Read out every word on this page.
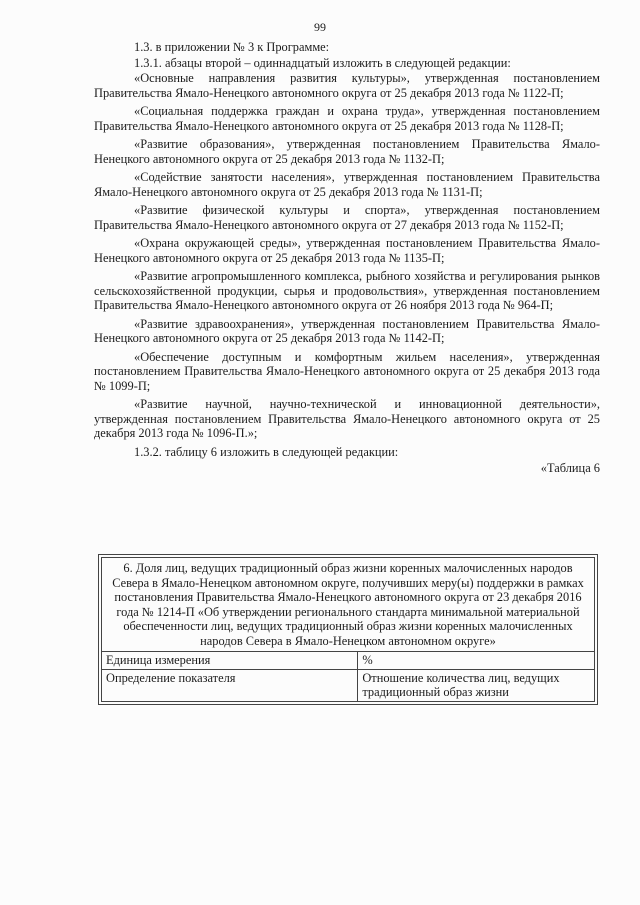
99

1.3. в приложении № 3 к Программе:

1.3.1. абзацы второй – одиннадцатый изложить в следующей редакции:

«Основные направления развития культуры», утвержденная постановлением Правительства Ямало-Ненецкого автономного округа от 25 декабря 2013 года № 1122-П;

«Социальная поддержка граждан и охрана труда», утвержденная постановлением Правительства Ямало-Ненецкого автономного округа от 25 декабря 2013 года № 1128-П;

«Развитие образования», утвержденная постановлением Правительства Ямало-Ненецкого автономного округа от 25 декабря 2013 года № 1132-П;

«Содействие занятости населения», утвержденная постановлением Правительства Ямало-Ненецкого автономного округа от 25 декабря 2013 года № 1131-П;

«Развитие физической культуры и спорта», утвержденная постановлением Правительства Ямало-Ненецкого автономного округа от 27 декабря 2013 года № 1152-П;

«Охрана окружающей среды», утвержденная постановлением Правительства Ямало-Ненецкого автономного округа от 25 декабря 2013 года № 1135-П;

«Развитие агропромышленного комплекса, рыбного хозяйства и регулирования рынков сельскохозяйственной продукции, сырья и продовольствия», утвержденная постановлением Правительства Ямало-Ненецкого автономного округа от 26 ноября 2013 года № 964-П;

«Развитие здравоохранения», утвержденная постановлением Правительства Ямало-Ненецкого автономного округа от 25 декабря 2013 года № 1142-П;

«Обеспечение доступным и комфортным жильем населения», утвержденная постановлением Правительства Ямало-Ненецкого автономного округа от 25 декабря 2013 года № 1099-П;

«Развитие научной, научно-технической и инновационной деятельности», утвержденная постановлением Правительства Ямало-Ненецкого автономного округа от 25 декабря 2013 года № 1096-П.»;

1.3.2. таблицу 6 изложить в следующей редакции:

«Таблица 6
6. Доля лиц, ведущих традиционный образ жизни коренных малочисленных народов Севера в Ямало-Ненецком автономном округе, получивших меру(ы) поддержки в рамках постановления Правительства Ямало-Ненецкого автономного округа от 23 декабря 2016 года № 1214-П «Об утверждении регионального стандарта минимальной материальной обеспеченности лиц, ведущих традиционный образ жизни коренных малочисленных народов Севера в Ямало-Ненецком автономном округе»	
Единица измерения	%
Определение показателя	Отношение количества лиц, ведущих традиционный образ жизни
